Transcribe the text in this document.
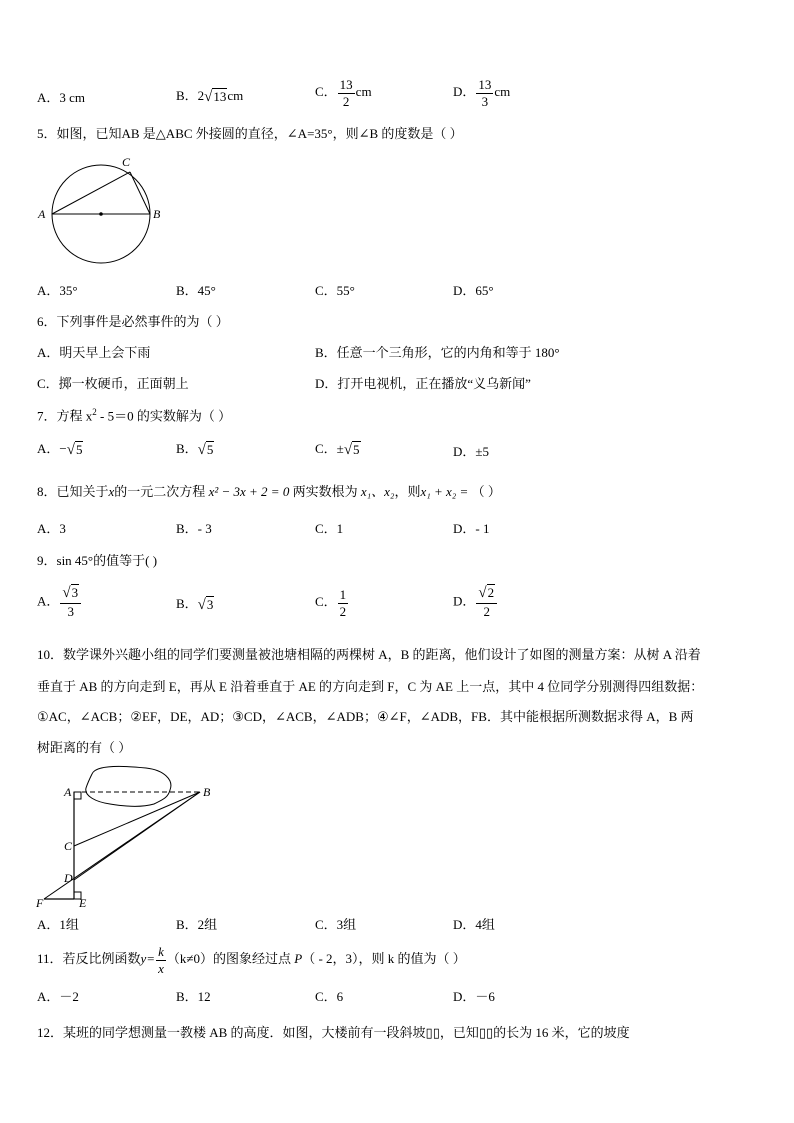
A．3 cm	B．2√13cm	C． $\frac{13}{2}$ cm	D． $\frac{13}{3}$ cm
5．如图，已知AB 是△ABC 外接圆的直径，∠A=35°，则∠B 的度数是（ ）
A	B
C
A．35°	B．45°	C．55°	D．65°
6．下列事件是必然事件的为（ ）
A．明天早上会下雨	B．任意一个三角形，它的内角和等于 180°
C．掷一枚硬币，正面朝上	D．打开电视机，正在播放“义乌新闻”
7．方程 $x^2 - 5=0$ 的实数解为（ ）
A．−√5	B．√5	C．±√5	D．±5
8．已知关于x的一元二次方程 x² − 3x + 2 = 0 两实数根为 x₁、x₂，则x₁ + x₂ = （ ）
A．3	B．- 3	C．1	D．- 1
9．sin 45°的值等于( )
A． $\frac{√3}{3}$	B．√3	C． $\frac{1}{2}$	D． $\frac{√2}{2}$
10．数学课外兴趣小组的同学们要测量被池塘相隔的两棵树 A，B 的距离，他们设计了如图的测量方案：从树 A 沿着
垂直于 AB 的方向走到 E，再从 E 沿着垂直于 AE 的方向走到 F，C 为 AE 上一点，其中 4 位同学分别测得四组数据：
①AC，∠ACB；②EF，DE，AD；③CD，∠ACB，∠ADB；④∠F，∠ADB，FB．其中能根据所测数据求得 A，B 两
树距离的有（ ）
A	B
C
D
E
F
A．1组	B．2组	C．3组	D．4组
11．若反比例函数$y= \frac{k}{x} (k\ne 0)$的图象经过点 P（ - 2，3），则 k 的值为（ ）
A．－2	B．12	C．6	D．－6
12．某班的同学想测量一教楼 AB 的高度．如图，大楼前有一段斜坡▯▯，已知▯▯的长为 16 米，它的坡度
